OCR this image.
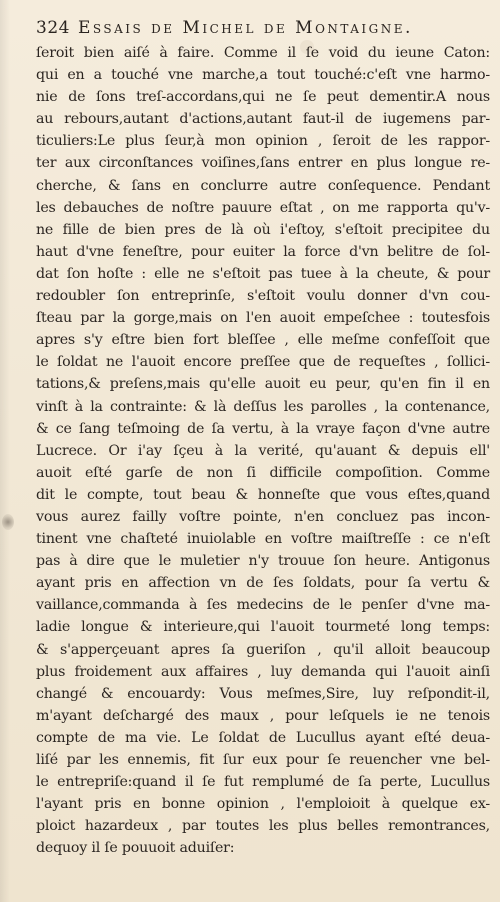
324 Essais de Michel de Montaigne.
ſeroit bien aiſé à faire. Comme il ſe void du ieune Caton:
qui en a touché vne marche,a tout touché:c'eſt vne harmo-
nie de ſons treſ-accordans,qui ne ſe peut dementir.A nous
au rebours,autant d'actions,autant faut-il de iugemens par-
ticuliers:Le plus ſeur,à mon opinion , ſeroit de les rappor-
ter aux circonſtances voiſines,ſans entrer en plus longue re-
cherche, & ſans en conclurre autre conſequence. Pendant
les debauches de noſtre pauure eſtat , on me rapporta qu'v-
ne fille de bien pres de là où i'eſtoy, s'eſtoit precipitee du
haut d'vne feneſtre, pour euiter la force d'vn belitre de ſol-
dat ſon hoſte : elle ne s'eſtoit pas tuee à la cheute, & pour
redoubler ſon entreprinſe, s'eſtoit voulu donner d'vn cou-
ſteau par la gorge,mais on l'en auoit empeſchee : toutesfois
apres s'y eſtre bien fort bleſſee , elle meſme confeſſoit que
le ſoldat ne l'auoit encore preſſee que de requeſtes , ſollici-
tations,& preſens,mais qu'elle auoit eu peur, qu'en fin il en
vinſt à la contrainte: & là deſſus les parolles , la contenance,
& ce ſang teſmoing de ſa vertu, à la vraye façon d'vne autre
Lucrece. Or i'ay ſçeu à la verité, qu'auant & depuis ell'
auoit eſté garſe de non ſi difficile compoſition. Comme
dit le compte, tout beau & honneſte que vous eſtes,quand
vous aurez failly voſtre pointe, n'en concluez pas incon-
tinent vne chaſteté inuiolable en voſtre maiſtreſſe : ce n'eſt
pas à dire que le muletier n'y trouue ſon heure. Antigonus
ayant pris en affection vn de ſes ſoldats, pour ſa vertu &
vaillance,commanda à ſes medecins de le penſer d'vne ma-
ladie longue & interieure,qui l'auoit tourmeté long temps:
& s'apperçeuant apres ſa gueriſon , qu'il alloit beaucoup
plus froidement aux affaires , luy demanda qui l'auoit ainſi
changé & encouardy: Vous meſmes,Sire, luy reſpondit-il,
m'ayant deſchargé des maux , pour leſquels ie ne tenois
compte de ma vie. Le ſoldat de Lucullus ayant eſté deua-
liſé par les ennemis, fit ſur eux pour ſe reuencher vne bel-
le entrepriſe:quand il ſe fut remplumé de ſa perte, Lucullus
l'ayant pris en bonne opinion , l'emploioit à quelque ex-
ploict hazardeux , par toutes les plus belles remontrances,
dequoy il ſe pouuoit aduiſer:
